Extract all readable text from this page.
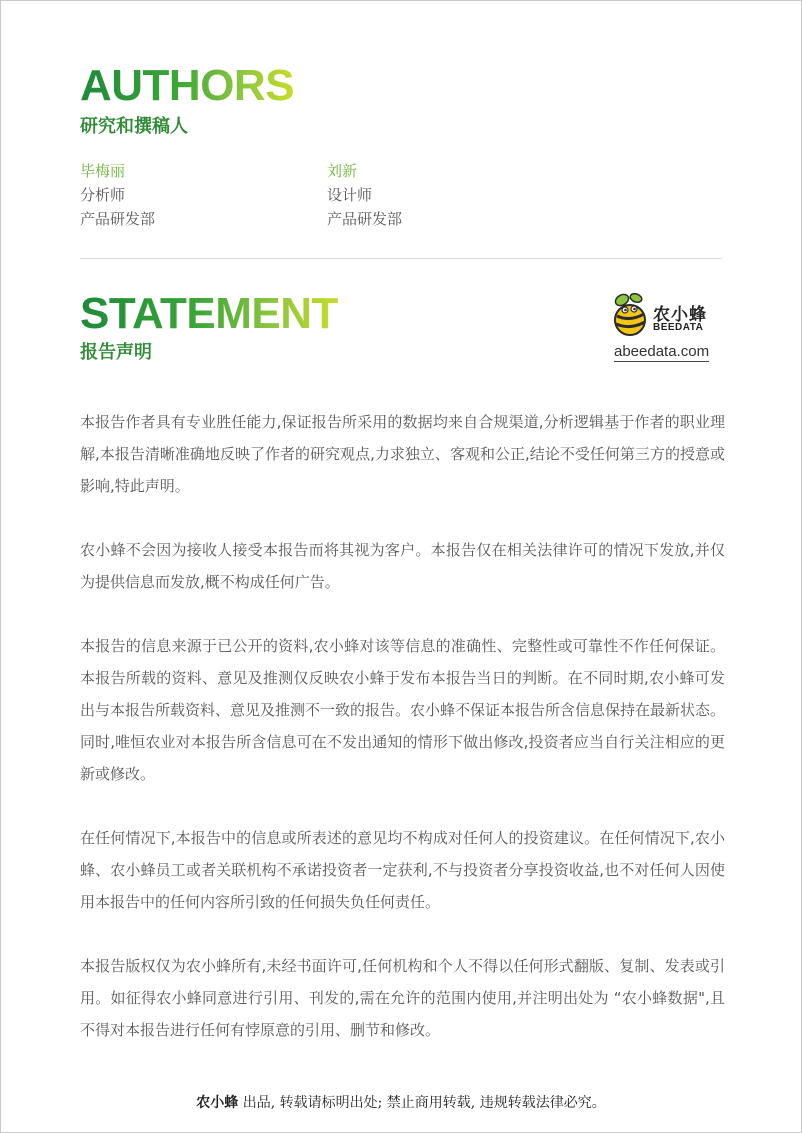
AUTHORS
研究和撰稿人
毕梅丽
分析师
产品研发部
刘新
设计师
产品研发部
STATEMENT
报告声明
农小蜂
BEEDATA
abeedata.com

本报告作者具有专业胜任能力,保证报告所采用的数据均来自合规渠道,分析逻辑基于作者的职业理解,本报告清晰准确地反映了作者的研究观点,力求独立、客观和公正,结论不受任何第三方的授意或影响,特此声明。

农小蜂不会因为接收人接受本报告而将其视为客户。本报告仅在相关法律许可的情况下发放,并仅为提供信息而发放,概不构成任何广告。

本报告的信息来源于已公开的资料,农小蜂对该等信息的准确性、完整性或可靠性不作任何保证。本报告所载的资料、意见及推测仅反映农小蜂于发布本报告当日的判断。在不同时期,农小蜂可发出与本报告所载资料、意见及推测不一致的报告。农小蜂不保证本报告所含信息保持在最新状态。同时,唯恒农业对本报告所含信息可在不发出通知的情形下做出修改,投资者应当自行关注相应的更新或修改。

在任何情况下,本报告中的信息或所表述的意见均不构成对任何人的投资建议。在任何情况下,农小蜂、农小蜂员工或者关联机构不承诺投资者一定获利,不与投资者分享投资收益,也不对任何人因使用本报告中的任何内容所引致的任何损失负任何责任。

本报告版权仅为农小蜂所有,未经书面许可,任何机构和个人不得以任何形式翻版、复制、发表或引用。如征得农小蜂同意进行引用、刊发的,需在允许的范围内使用,并注明出处为 “农小蜂数据",且不得对本报告进行任何有悖原意的引用、删节和修改。

农小蜂 出品, 转载请标明出处; 禁止商用转载, 违规转载法律必究。
